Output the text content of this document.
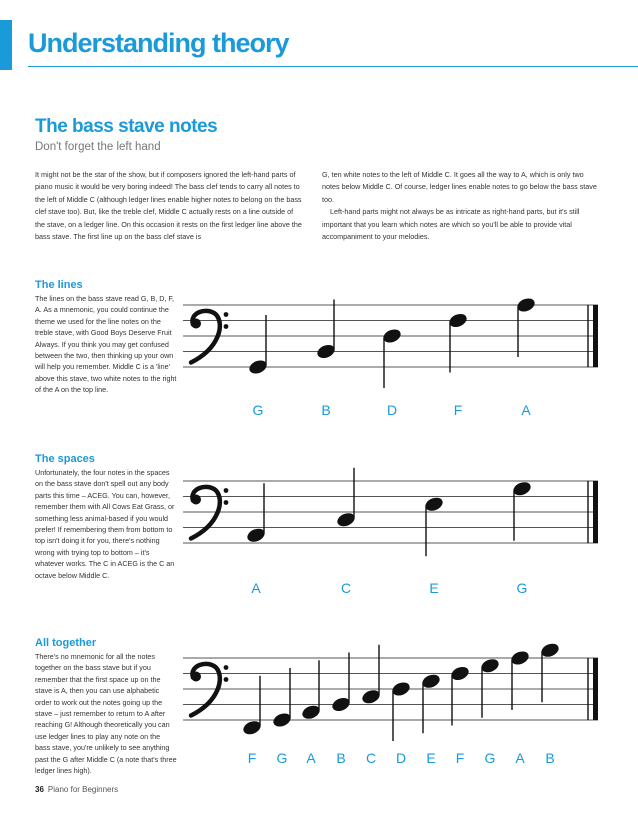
Understanding theory
The bass stave notes
Don't forget the left hand

It might not be the star of the show, but if composers ignored the left-hand parts of piano music it would be very boring indeed! The bass clef tends to carry all notes to the left of Middle C (although ledger lines enable higher notes to belong on the bass clef stave too). But, like the treble clef, Middle C actually rests on a line outside of the stave, on a ledger line. On this occasion it rests on the first ledger line above the bass stave. The first line up on the bass clef stave is

G, ten white notes to the left of Middle C. It goes all the way to A, which is only two notes below Middle C. Of course, ledger lines enable notes to go below the bass stave too.

Left-hand parts might not always be as intricate as right-hand parts, but it's still important that you learn which notes are which so you'll be able to provide vital accompaniment to your melodies.

The lines
The lines on the bass stave read G, B, D, F, A. As a mnemonic, you could continue the theme we used for the line notes on the treble stave, with Good Boys Deserve Fruit Always. If you think you may get confused between the two, then thinking up your own will help you remember. Middle C is a 'line' above this stave, two white notes to the right of the A on the top line.
The spaces
Unfortunately, the four notes in the spaces on the bass stave don't spell out any body parts this time – ACEG. You can, however, remember them with All Cows Eat Grass, or something less animal-based if you would prefer! If remembering them from bottom to top isn't doing it for you, there's nothing wrong with trying top to bottom – it's whatever works. The C in ACEG is the C an octave below Middle C.
All together
There's no mnemonic for all the notes together on the bass stave but if you remember that the first space up on the stave is A, then you can use alphabetic order to work out the notes going up the stave – just remember to return to A after reaching G! Although theoretically you can use ledger lines to play any note on the bass stave, you're unlikely to see anything past the G after Middle C (a note that's three ledger lines high).
G	B	D	F	A
A	C	E	G
F	G	A	B	C	D	E	F	G	A	B
36 Piano for Beginners
